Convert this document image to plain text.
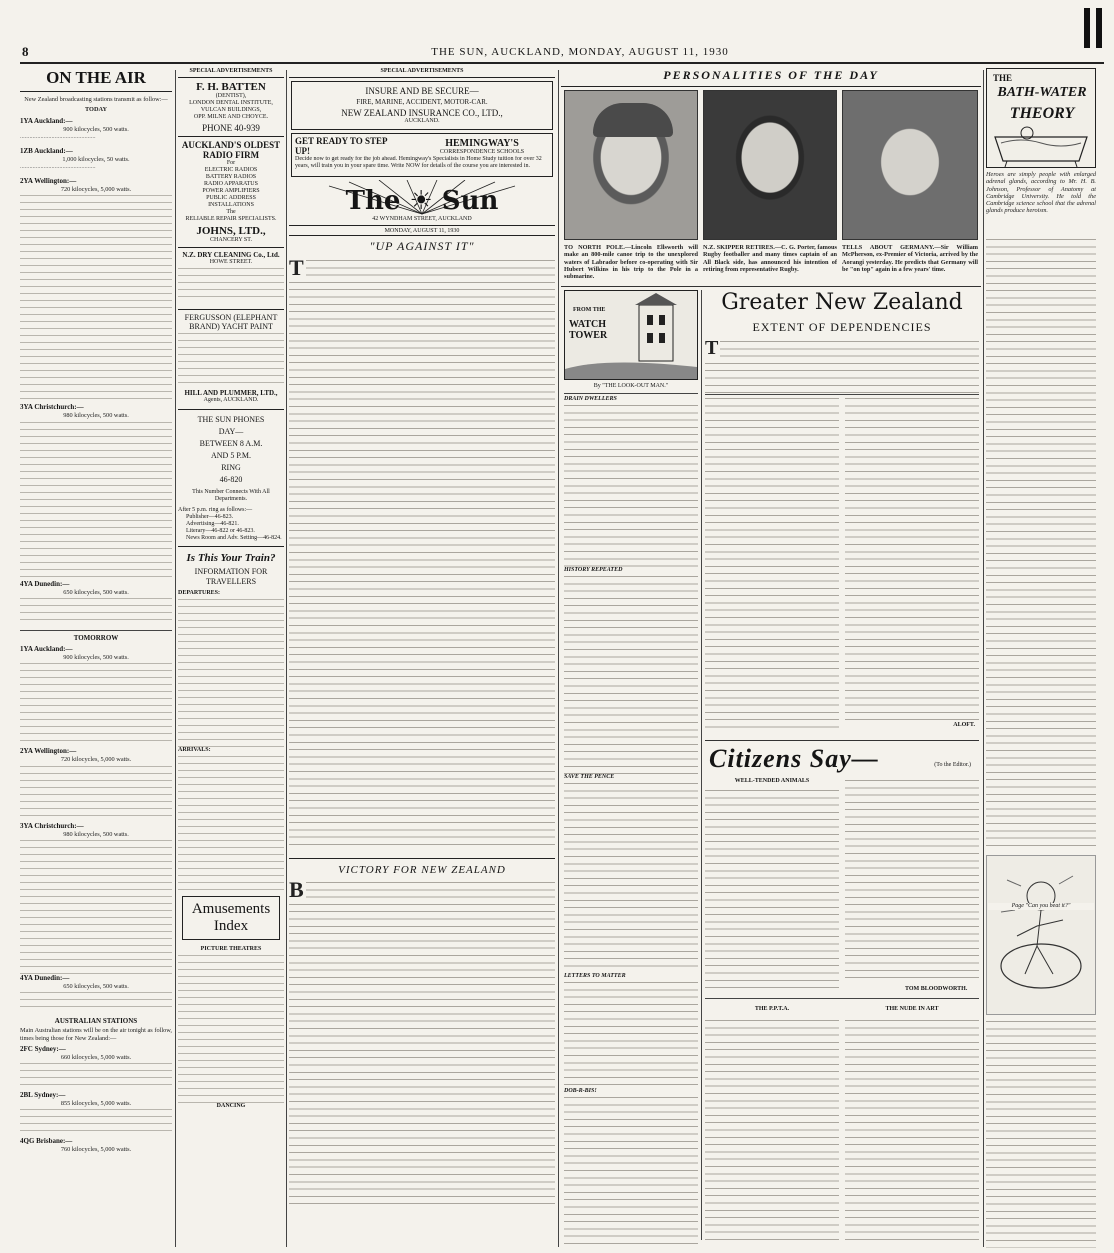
8	THE SUN, AUCKLAND, MONDAY, AUGUST 11, 1930
ON THE AIR
New Zealand broadcasting stations transmit as follow:—
TODAY
1YA Auckland:—
900 kilocycles, 500 watts.
................................................
1ZB Auckland:—
1,000 kilocycles, 50 watts.
................................................
2YA Wellington:—
720 kilocycles, 5,000 watts.
3YA Christchurch:—
980 kilocycles, 500 watts.
4YA Dunedin:—
650 kilocycles, 500 watts.
TOMORROW
1YA Auckland:—
900 kilocycles, 500 watts.
2YA Wellington:—
720 kilocycles, 5,000 watts.
3YA Christchurch:—
980 kilocycles, 500 watts.
4YA Dunedin:—
650 kilocycles, 500 watts.
AUSTRALIAN STATIONS
Main Australian stations will be on the air tonight as follow, times being those for New Zealand:—
2FC Sydney:—
660 kilocycles, 5,000 watts.
2BL Sydney:—
855 kilocycles, 5,000 watts.
4QG Brisbane:—
760 kilocycles, 5,000 watts.
SPECIAL ADVERTISEMENTS
F. H. BATTEN
(DENTIST),
LONDON DENTAL INSTITUTE,
VULCAN BUILDINGS,
OPP. MILNE AND CHOYCE.
PHONE 40-939
AUCKLAND'S OLDEST RADIO FIRM
For
ELECTRIC RADIOS
BATTERY RADIOS
RADIO APPARATUS
POWER AMPLIFIERS
PUBLIC ADDRESS
INSTALLATIONS
The
RELIABLE REPAIR SPECIALISTS.
JOHNS, LTD.,
CHANCERY ST.
N.Z. DRY CLEANING Co., Ltd.
HOWE STREET.
FERGUSSON (ELEPHANT BRAND) YACHT PAINT
HILL AND PLUMMER, LTD.,
Agents, AUCKLAND.
THE SUN PHONES
DAY—
BETWEEN 8 A.M.
AND 5 P.M.
RING
46-820
This Number Connects With All Departments.
After 5 p.m. ring as follows:—
Publisher—46-823.
Advertising—46-821.
Literary—46-822 or 46-823.
News Room and Adv. Setting—46-824.
Is This Your Train?
INFORMATION FOR TRAVELLERS
DEPARTURES:
ARRIVALS:
Amusements Index
PICTURE THEATRES
DANCING
SPECIAL ADVERTISEMENTS
INSURE AND BE SECURE—
FIRE, MARINE, ACCIDENT, MOTOR-CAR.
NEW ZEALAND INSURANCE CO., LTD.,
AUCKLAND.
GET READY TO STEP UP!
Decide now to get ready for the job ahead. Hemingway's Specialists in Home Study tuition for over 32 years, will train you in your spare time. Write NOW for details of the course you are interested in.
HEMINGWAY'S
CORRESPONDENCE SCHOOLS
The ☀ Sun
42 WYNDHAM STREET, AUCKLAND
MONDAY, AUGUST 11, 1930
"UP AGAINST IT"
T
VICTORY FOR NEW ZEALAND
B
PERSONALITIES OF THE DAY
TO NORTH POLE.—Lincoln Ellsworth will make an 800-mile canoe trip to the unexplored waters of Labrador before co-operating with Sir Hubert Wilkins in his trip to the Pole in a submarine.
N.Z. SKIPPER RETIRES.—C. G. Porter, famous Rugby footballer and many times captain of an All Black side, has announced his intention of retiring from representative Rugby.
TELLS ABOUT GERMANY.—Sir William McPherson, ex-Premier of Victoria, arrived by the Aorangi yesterday. He predicts that Germany will be "on top" again in a few years' time.
FROM THE
WATCH TOWER
By "THE LOOK-OUT MAN."
DRAIN DWELLERS
HISTORY REPEATED
SAVE THE PENCE
LETTERS TO MATTER
DOB-R-BIS!
Greater New Zealand
EXTENT OF DEPENDENCIES
T
ALOFT.
Citizens Say—	(To the Editor.)
WELL-TENDED ANIMALS
TOM BLOODWORTH.
THE P.P.T.A.	THE NUDE IN ART
THE
BATH-WATER
THEORY
Heroes are simply people with enlarged adrenal glands, according to Mr. H. B. Johnson, Professor of Anatomy at Cambridge University. He told the Cambridge science school that the adrenal glands produce heroism.
Page "Can you beat it?"
